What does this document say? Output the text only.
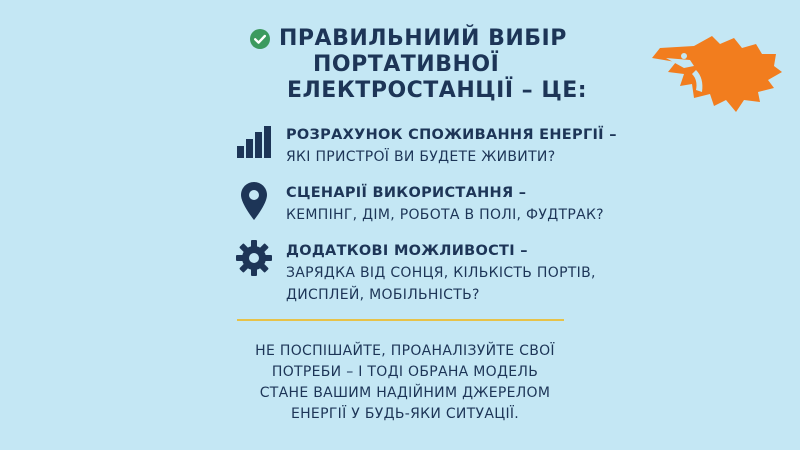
ПРАВИЛЬНИИЙ ВИБІР
ПОРТАТИВНОЇ
ЕЛЕКТРОСТАНЦІЇ – ЦЕ:
РОЗРАХУНОК СПОЖИВАННЯ ЕНЕРГІЇ –
ЯКІ ПРИСТРОЇ ВИ БУДЕТЕ ЖИВИТИ?
СЦЕНАРІЇ ВИКОРИСТАННЯ –
КЕМПІНГ, ДІМ, РОБОТА В ПОЛІ, ФУДТРАК?
ДОДАТКОВІ МОЖЛИВОСТІ –
ЗАРЯДКА ВІД СОНЦЯ, КІЛЬКІСТЬ ПОРТІВ,
ДИСПЛЕЙ, МОБІЛЬНІСТЬ?
НЕ ПОСПІШАЙТЕ, ПРОАНАЛІЗУЙТЕ СВОЇ
ПОТРЕБИ – І ТОДІ ОБРАНА МОДЕЛЬ
СТАНЕ ВАШИМ НАДІЙНИМ ДЖЕРЕЛОМ
ЕНЕРГІЇ У БУДЬ-ЯКИ СИТУАЦІЇ.
